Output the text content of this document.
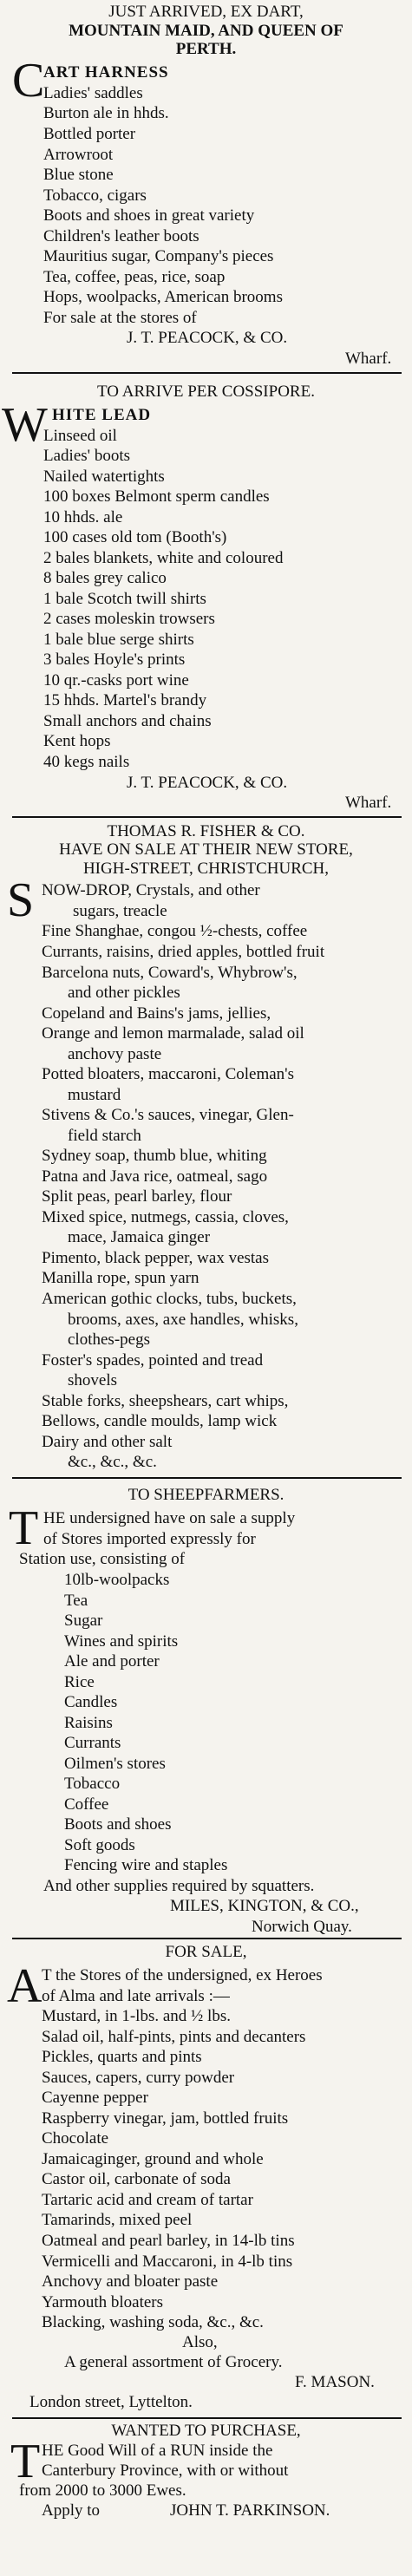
JUST ARRIVED, EX DART,
MOUNTAIN MAID, AND QUEEN OF
PERTH.
C
ART HARNESS
Ladies' saddles
Burton ale in hhds.
Bottled porter
Arrowroot
Blue stone
Tobacco, cigars
Boots and shoes in great variety
Children's leather boots
Mauritius sugar, Company's pieces
Tea, coffee, peas, rice, soap
Hops, woolpacks, American brooms
For sale at the stores of
J. T. PEACOCK, & CO.
Wharf.
TO ARRIVE PER COSSIPORE.
W HITE LEAD
Linseed oil
Ladies' boots
Nailed watertights
100 boxes Belmont sperm candles
10 hhds. ale
100 cases old tom (Booth's)
2 bales blankets, white and coloured
8 bales grey calico
1 bale Scotch twill shirts
2 cases moleskin trowsers
1 bale blue serge shirts
3 bales Hoyle's prints
10 qr.-casks port wine
15 hhds. Martel's brandy
Small anchors and chains
Kent hops
40 kegs nails
J. T. PEACOCK, & CO.
Wharf.
THOMAS R. FISHER & CO.
HAVE ON SALE AT THEIR NEW STORE,
HIGH-STREET, CHRISTCHURCH,
S NOW-DROP, Crystals, and other
sugars, treacle
Fine Shanghae, congou ½-chests, coffee
Currants, raisins, dried apples, bottled fruit
Barcelona nuts, Coward's, Whybrow's,
and other pickles
Copeland and Bains's jams, jellies,
Orange and lemon marmalade, salad oil
anchovy paste
Potted bloaters, maccaroni, Coleman's
mustard
Stivens & Co.'s sauces, vinegar, Glen-
field starch
Sydney soap, thumb blue, whiting
Patna and Java rice, oatmeal, sago
Split peas, pearl barley, flour
Mixed spice, nutmegs, cassia, cloves,
mace, Jamaica ginger
Pimento, black pepper, wax vestas
Manilla rope, spun yarn
American gothic clocks, tubs, buckets,
brooms, axes, axe handles, whisks,
clothes-pegs
Foster's spades, pointed and tread
shovels
Stable forks, sheepshears, cart whips,
Bellows, candle moulds, lamp wick
Dairy and other salt
&c., &c., &c.
TO SHEEPFARMERS.
T HE undersigned have on sale a supply
of Stores imported expressly for
Station use, consisting of
10lb-woolpacks
Tea
Sugar
Wines and spirits
Ale and porter
Rice
Candles
Raisins
Currants
Oilmen's stores
Tobacco
Coffee
Boots and shoes
Soft goods
Fencing wire and staples
And other supplies required by squatters.
MILES, KINGTON, & CO.,
Norwich Quay.
FOR SALE,
A T the Stores of the undersigned, ex Heroes
of Alma and late arrivals :—
Mustard, in 1-lbs. and ½ lbs.
Salad oil, half-pints, pints and decanters
Pickles, quarts and pints
Sauces, capers, curry powder
Cayenne pepper
Raspberry vinegar, jam, bottled fruits
Chocolate
Jamaicaginger, ground and whole
Castor oil, carbonate of soda
Tartaric acid and cream of tartar
Tamarinds, mixed peel
Oatmeal and pearl barley, in 14-lb tins
Vermicelli and Maccaroni, in 4-lb tins
Anchovy and bloater paste
Yarmouth bloaters
Blacking, washing soda, &c., &c.
Also,
A general assortment of Grocery.
F. MASON.
London street, Lyttelton.
WANTED TO PURCHASE,
T HE Good Will of a RUN inside the
Canterbury Province, with or without
from 2000 to 3000 Ewes.
Apply to	JOHN T. PARKINSON.
